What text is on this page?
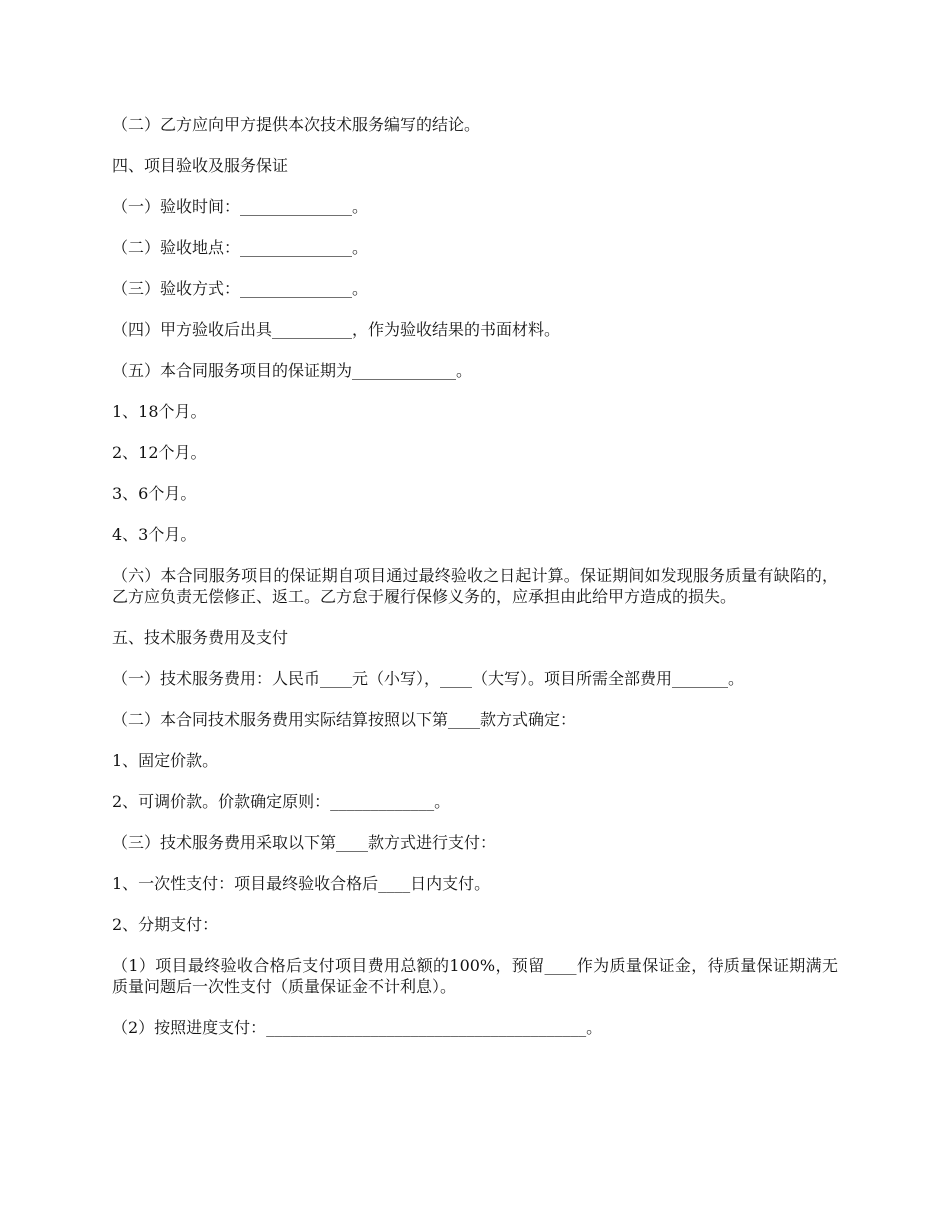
（二）乙方应向甲方提供本次技术服务编写的结论。

四、项目验收及服务保证

（一）验收时间：______________。

（二）验收地点：______________。

（三）验收方式：______________。

（四）甲方验收后出具__________，作为验收结果的书面材料。

（五）本合同服务项目的保证期为_____________。

1、18个月。

2、12个月。

3、6个月。

4、3个月。

（六）本合同服务项目的保证期自项目通过最终验收之日起计算。保证期间如发现服务质量有缺陷的，乙方应负责无偿修正、返工。乙方怠于履行保修义务的，应承担由此给甲方造成的损失。

五、技术服务费用及支付

（一）技术服务费用：人民币____元（小写），____（大写）。项目所需全部费用_______。

（二）本合同技术服务费用实际结算按照以下第____款方式确定：

1、固定价款。

2、可调价款。价款确定原则：_____________。

（三）技术服务费用采取以下第____款方式进行支付：

1、一次性支付：项目最终验收合格后____日内支付。

2、分期支付：

（1）项目最终验收合格后支付项目费用总额的100%，预留____作为质量保证金，待质量保证期满无质量问题后一次性支付（质量保证金不计利息）。

（2）按照进度支付：________________________________________。
